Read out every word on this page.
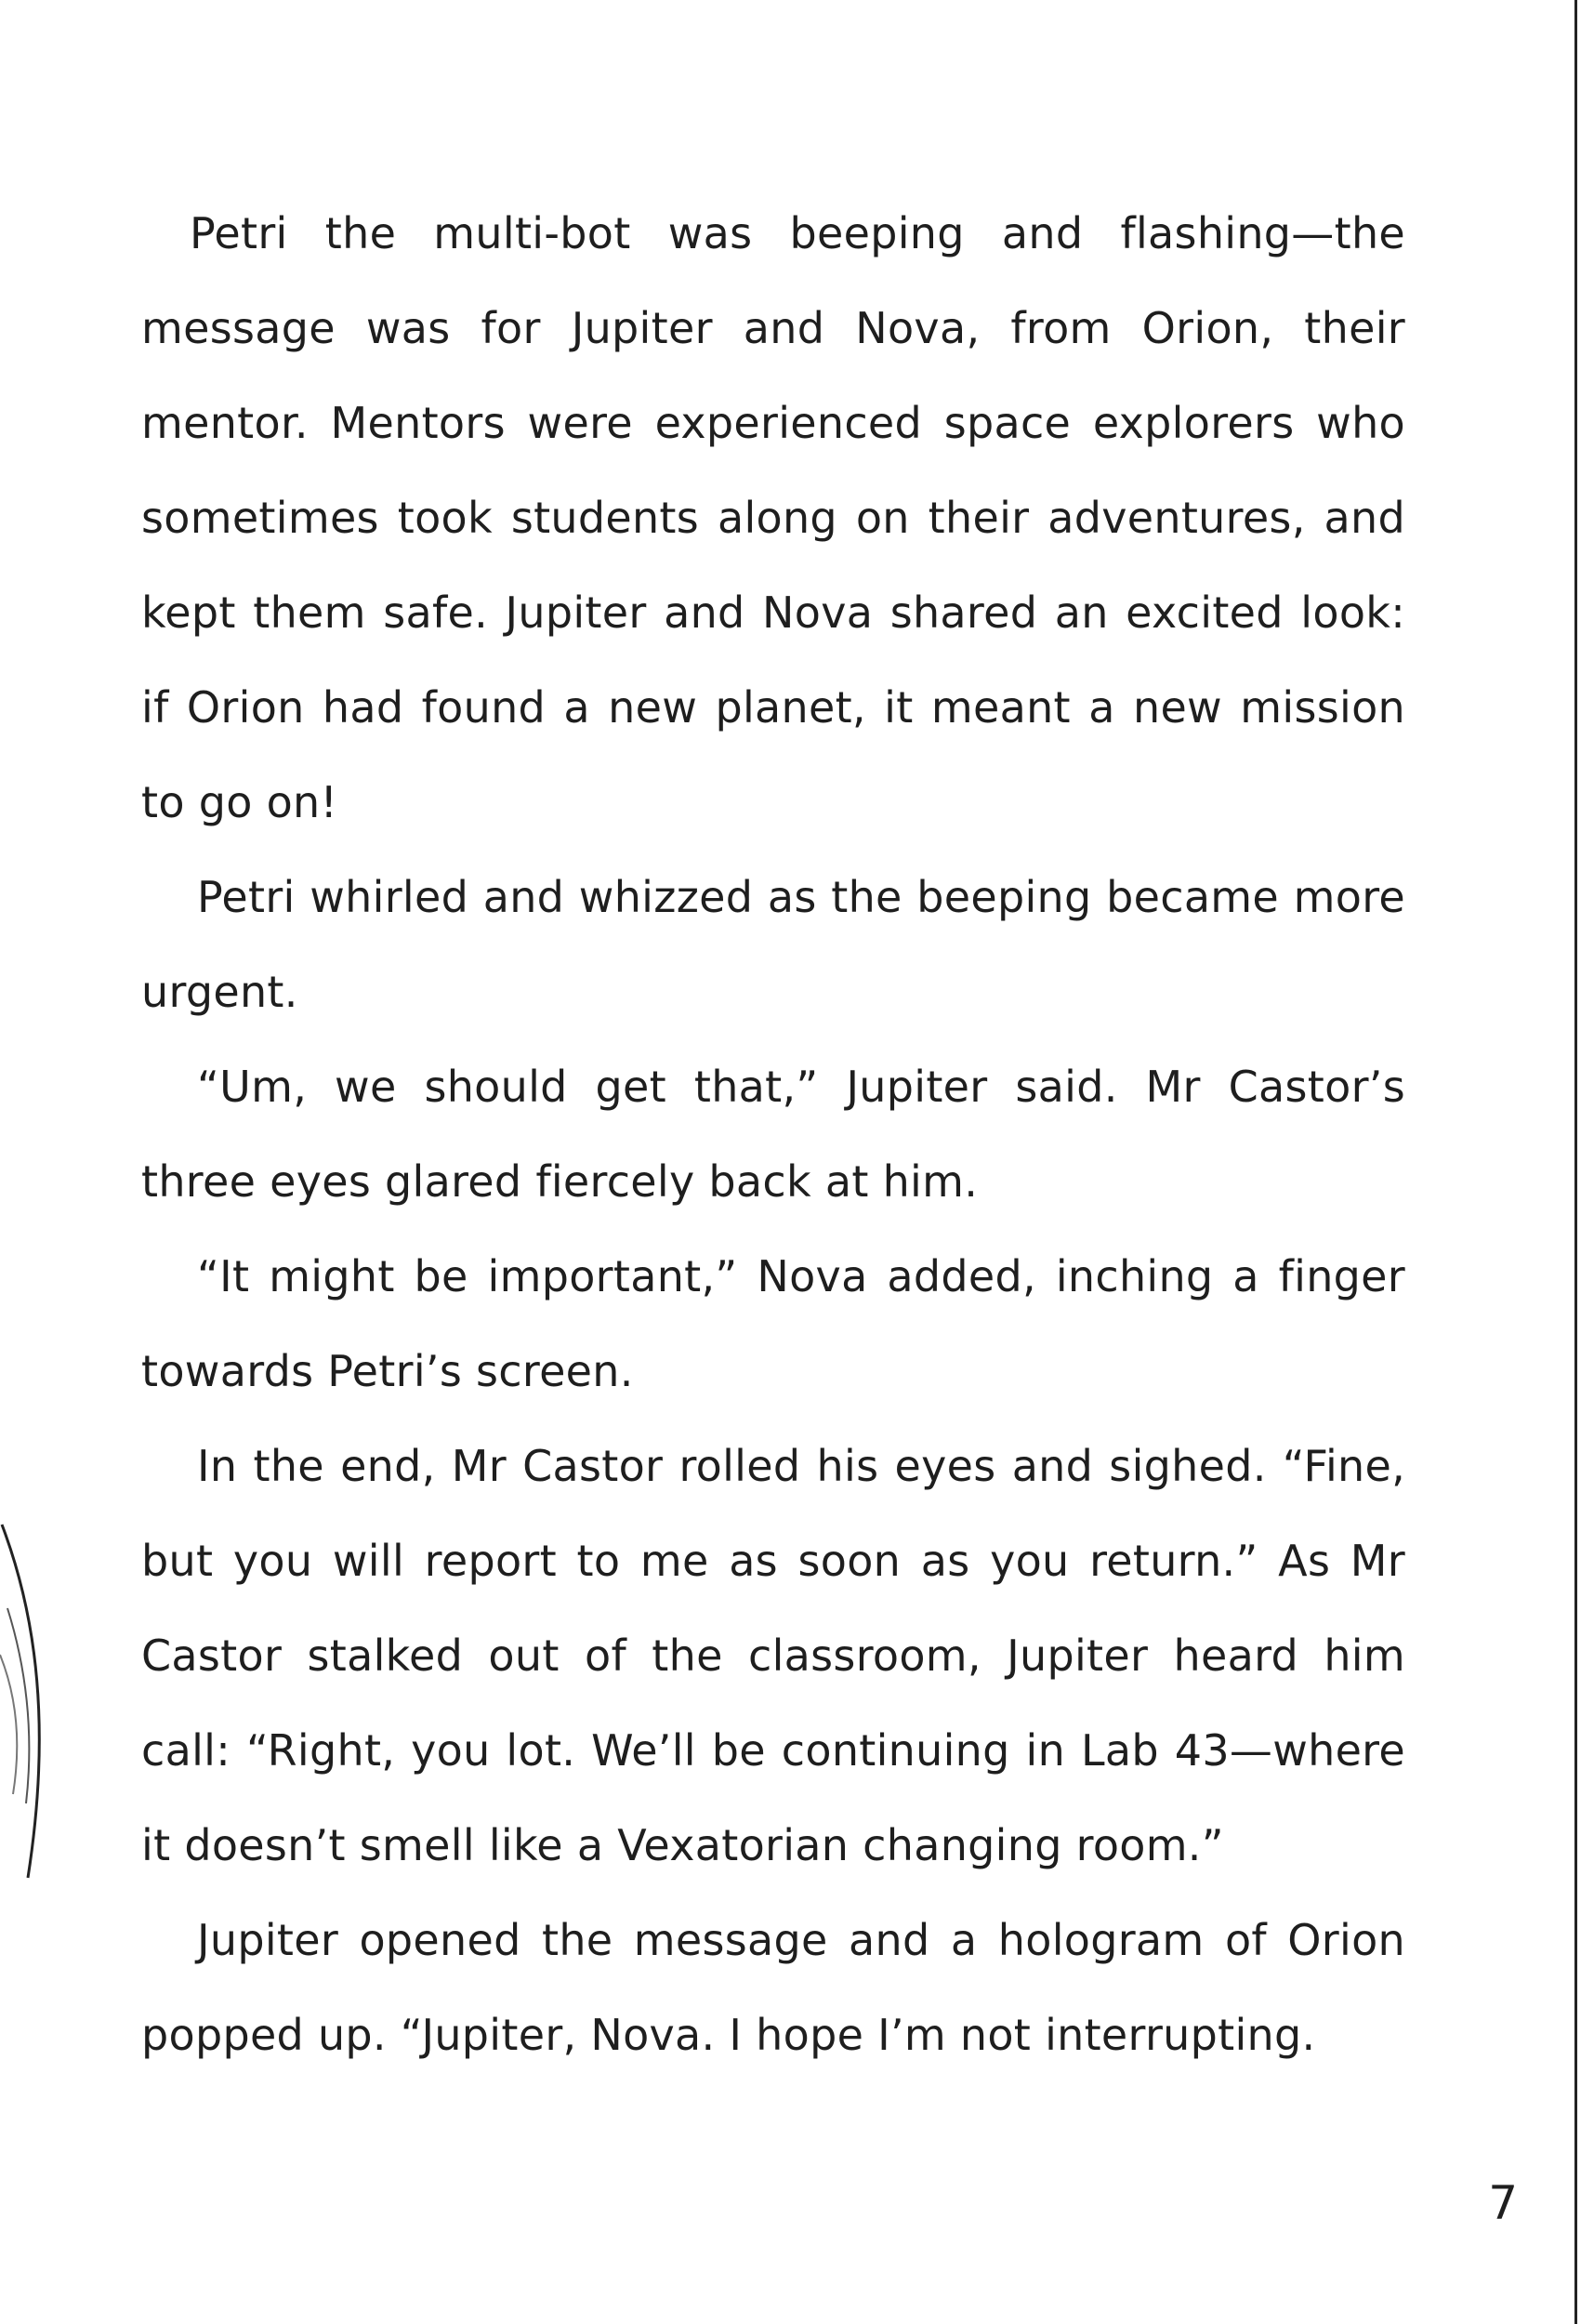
Petri the multi-bot was beeping and flashing—the message was for Jupiter and Nova, from Orion, their mentor. Mentors were experienced space explorers who sometimes took students along on their adventures, and kept them safe. Jupiter and Nova shared an excited look: if Orion had found a new planet, it meant a new mission to go on!

Petri whirled and whizzed as the beeping became more urgent.

“Um, we should get that,” Jupiter said. Mr Castor’s three eyes glared fiercely back at him.

“It might be important,” Nova added, inching a finger towards Petri’s screen.

In the end, Mr Castor rolled his eyes and sighed. “Fine, but you will report to me as soon as you return.” As Mr Castor stalked out of the classroom, Jupiter heard him call: “Right, you lot. We’ll be continuing in Lab 43—where it doesn’t smell like a Vexatorian changing room.”

Jupiter opened the message and a hologram of Orion popped up. “Jupiter, Nova. I hope I’m not interrupting.

7
